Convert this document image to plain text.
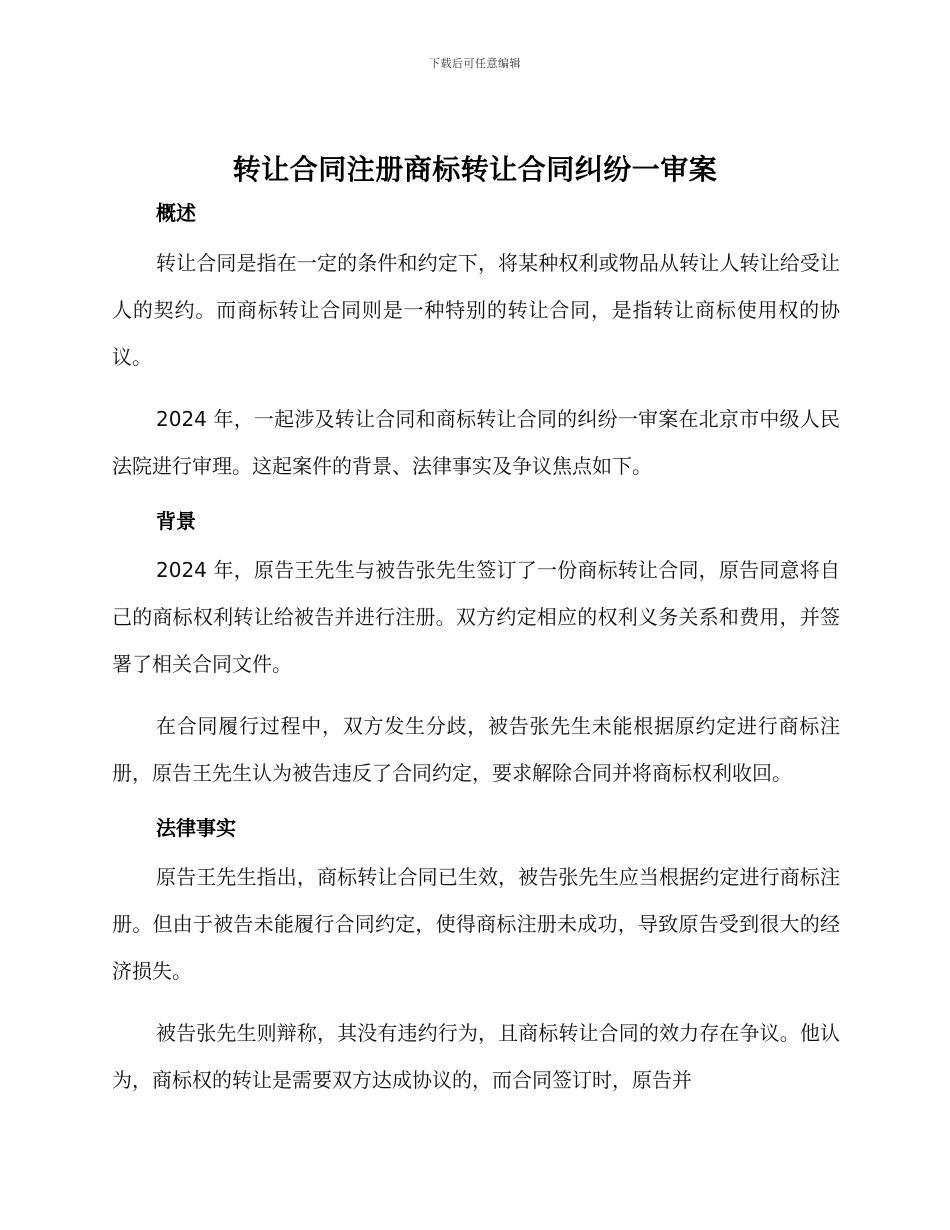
下载后可任意编辑
转让合同注册商标转让合同纠纷一审案
概述

转让合同是指在一定的条件和约定下，将某种权利或物品从转让人转让给受让人的契约。而商标转让合同则是一种特别的转让合同，是指转让商标使用权的协议。

2024 年，一起涉及转让合同和商标转让合同的纠纷一审案在北京市中级人民法院进行审理。这起案件的背景、法律事实及争议焦点如下。

背景

2024 年，原告王先生与被告张先生签订了一份商标转让合同，原告同意将自己的商标权利转让给被告并进行注册。双方约定相应的权利义务关系和费用，并签署了相关合同文件。

在合同履行过程中，双方发生分歧，被告张先生未能根据原约定进行商标注册，原告王先生认为被告违反了合同约定，要求解除合同并将商标权利收回。

法律事实

原告王先生指出，商标转让合同已生效，被告张先生应当根据约定进行商标注册。但由于被告未能履行合同约定，使得商标注册未成功，导致原告受到很大的经济损失。

被告张先生则辩称，其没有违约行为，且商标转让合同的效力存在争议。他认为，商标权的转让是需要双方达成协议的，而合同签订时，原告并
